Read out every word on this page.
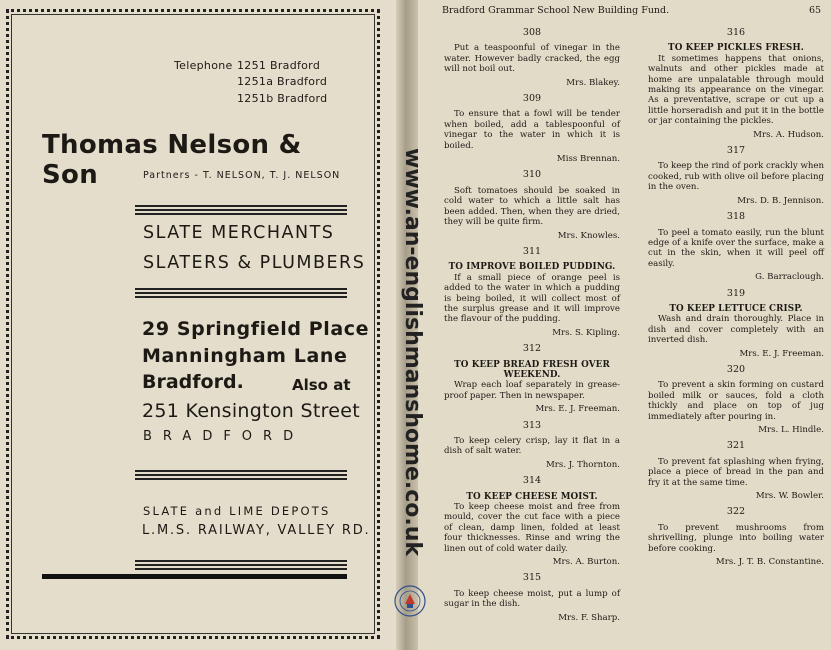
Telephone 1251 Bradford
1251a Bradford
1251b Bradford
Thomas Nelson & Son	Partners - T. NELSON, T. J. NELSON
SLATE MERCHANTS
SLATERS & PLUMBERS
29 Springfield Place
Manningham Lane
Bradford.	Also at
251 Kensington Street
BRADFORD
SLATE and LIME DEPOTS
L.M.S. RAILWAY, VALLEY RD.
Bradford Grammar School New Building Fund.	65
308
Put a teaspoonful of vinegar in the water. However badly cracked, the egg will not boil out.
Mrs. Blakey.
309
To ensure that a fowl will be tender when boiled, add a tablespoonful of vinegar to the water in which it is boiled.
Miss Brennan.
310
Soft tomatoes should be soaked in cold water to which a little salt has been added. Then, when they are dried, they will be quite firm.
Mrs. Knowles.
311
TO IMPROVE BOILED PUDDING.
If a small piece of orange peel is added to the water in which a pudding is being boiled, it will collect most of the surplus grease and it will improve the flavour of the pudding.
Mrs. S. Kipling.
312
TO KEEP BREAD FRESH OVER WEEKEND.
Wrap each loaf separately in grease-proof paper. Then in newspaper.
Mrs. E. J. Freeman.
313
To keep celery crisp, lay it flat in a dish of salt water.
Mrs. J. Thornton.
314
TO KEEP CHEESE MOIST.
To keep cheese moist and free from mould, cover the cut face with a piece of clean, damp linen, folded at least four thicknesses. Rinse and wring the linen out of cold water daily.
Mrs. A. Burton.
315
To keep cheese moist, put a lump of sugar in the dish.
Mrs. F. Sharp.
316
TO KEEP PICKLES FRESH.
It sometimes happens that onions, walnuts and other pickles made at home are unpalatable through mould making its appearance on the vinegar. As a preventative, scrape or cut up a little horseradish and put it in the bottle or jar containing the pickles.
Mrs. A. Hudson.
317
To keep the rind of pork crackly when cooked, rub with olive oil before placing in the oven.
Mrs. D. B. Jennison.
318
To peel a tomato easily, run the blunt edge of a knife over the surface, make a cut in the skin, when it will peel off easily.
G. Barraclough.
319
TO KEEP LETTUCE CRISP.
Wash and drain thoroughly. Place in dish and cover completely with an inverted dish.
Mrs. E. J. Freeman.
320
To prevent a skin forming on custard boiled milk or sauces, fold a cloth thickly and place on top of jug immediately after pouring in.
Mrs. L. Hindle.
321
To prevent fat splashing when frying, place a piece of bread in the pan and fry it at the same time.
Mrs. W. Bowler.
322
To prevent mushrooms from shrivelling, plunge into boiling water before cooking.
Mrs. J. T. B. Constantine.
www.an-englishmanshome.co.uk
